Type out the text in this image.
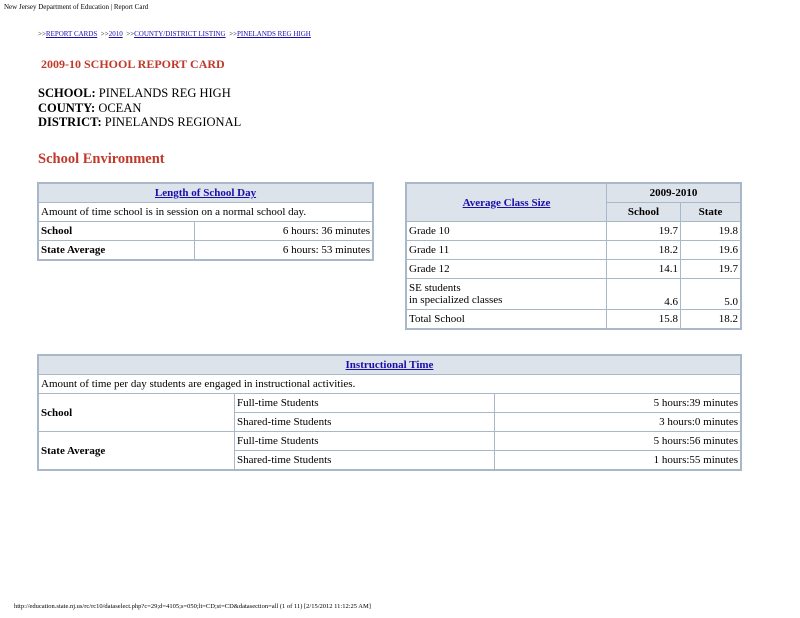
New Jersey Department of Education | Report Card
>>REPORT CARDS >>2010 >>COUNTY/DISTRICT LISTING >>PINELANDS REG HIGH
2009-10 SCHOOL REPORT CARD
SCHOOL: PINELANDS REG HIGH
COUNTY: OCEAN
DISTRICT: PINELANDS REGIONAL
School Environment
Length of School Day	
Amount of time school is in session on a normal school day.	
School	6 hours: 36 minutes
State Average	6 hours: 53 minutes
Average Class Size	2009-2010	
	School	State
Grade 10	19.7	19.8
Grade 11	18.2	19.6
Grade 12	14.1	19.7

SE students
in specialized classes	4.6	5.0
Total School	15.8	18.2
Instructional Time		
Amount of time per day students are engaged in instructional activities.		
School	Full-time Students	5 hours:39 minutes
	Shared-time Students	3 hours:0 minutes
State Average	Full-time Students	5 hours:56 minutes
	Shared-time Students	1 hours:55 minutes
http://education.state.nj.us/rc/rc10/dataselect.php?c=29;d=4105;s=050;lt=CD;st=CD&datasection=all (1 of 11) [2/15/2012 11:12:25 AM]
